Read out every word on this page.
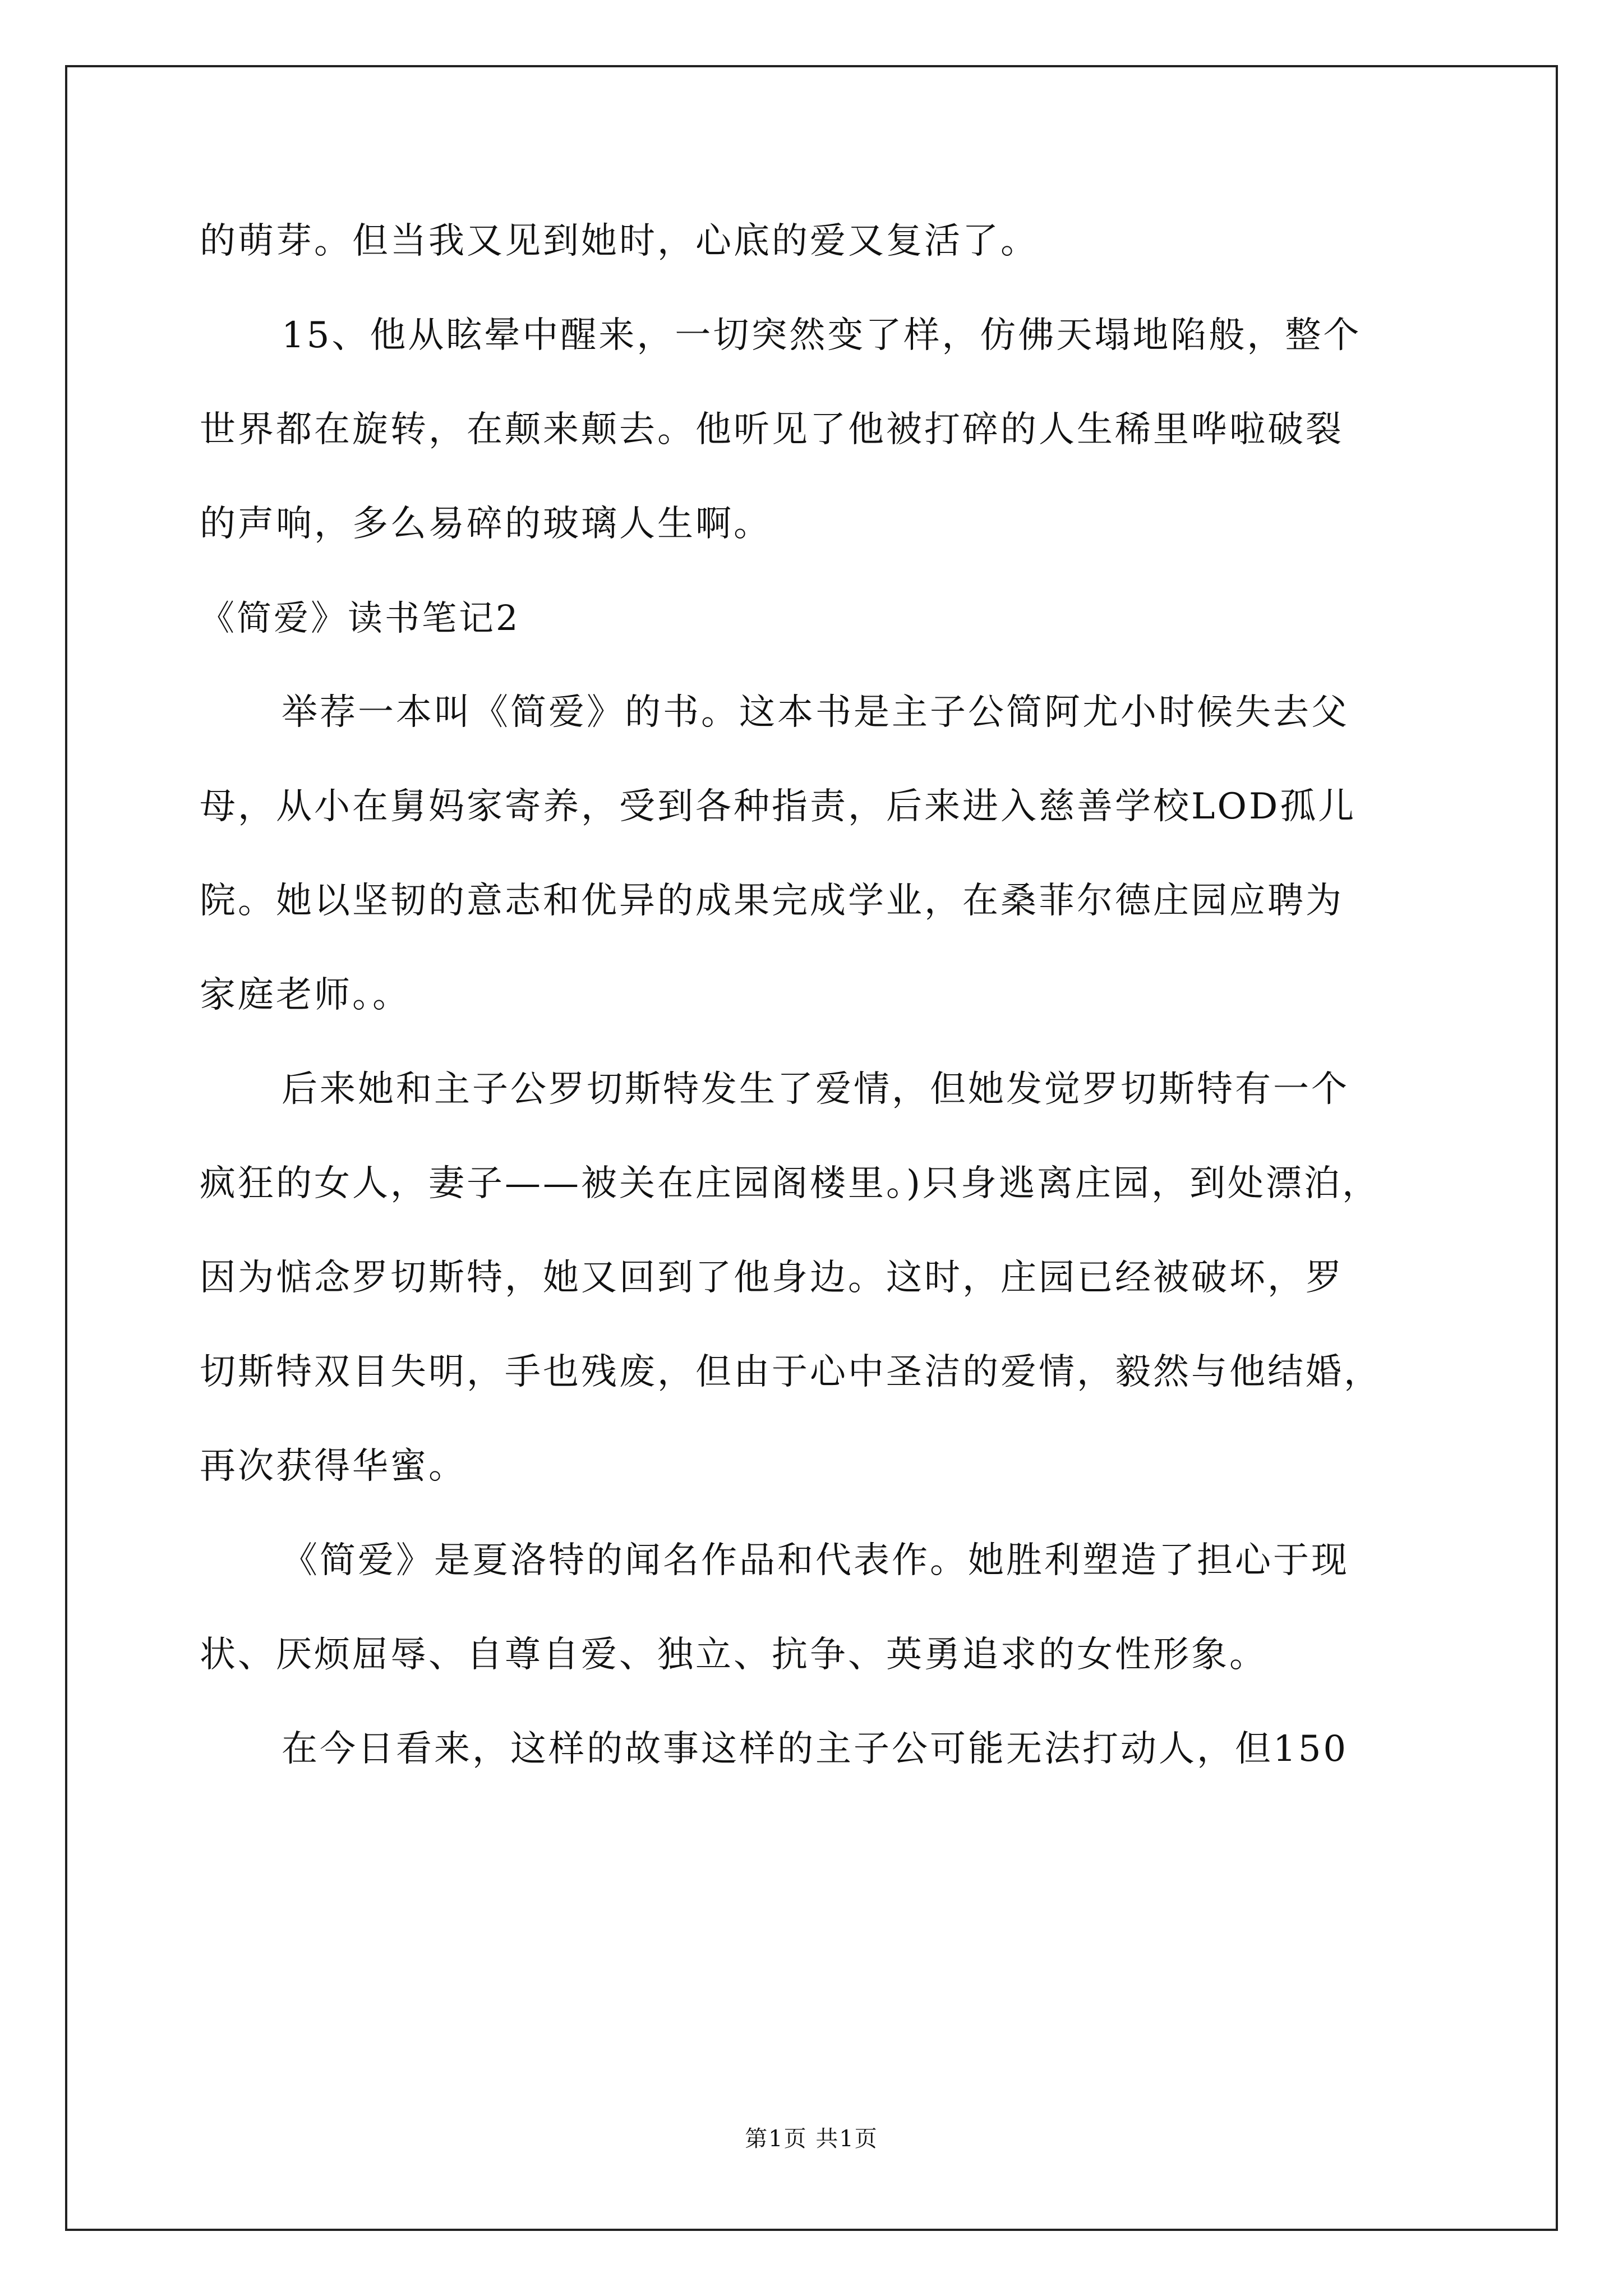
的萌芽。但当我又见到她时，心底的爱又复活了。
15、他从眩晕中醒来，一切突然变了样，仿佛天塌地陷般，整个
世界都在旋转，在颠来颠去。他听见了他被打碎的人生稀里哗啦破裂
的声响，多么易碎的玻璃人生啊。
《简爱》读书笔记2
举荐一本叫《简爱》的书。这本书是主子公简阿尤小时候失去父
母，从小在舅妈家寄养，受到各种指责，后来进入慈善学校LOD孤儿
院。她以坚韧的意志和优异的成果完成学业，在桑菲尔德庄园应聘为
家庭老师。。
后来她和主子公罗切斯特发生了爱情，但她发觉罗切斯特有一个
疯狂的女人，妻子——被关在庄园阁楼里。)只身逃离庄园，到处漂泊，
因为惦念罗切斯特，她又回到了他身边。这时，庄园已经被破坏，罗
切斯特双目失明，手也残废，但由于心中圣洁的爱情，毅然与他结婚，
再次获得华蜜。
《简爱》是夏洛特的闻名作品和代表作。她胜利塑造了担心于现
状、厌烦屈辱、自尊自爱、独立、抗争、英勇追求的女性形象。
在今日看来，这样的故事这样的主子公可能无法打动人，但150
第1页 共1页
